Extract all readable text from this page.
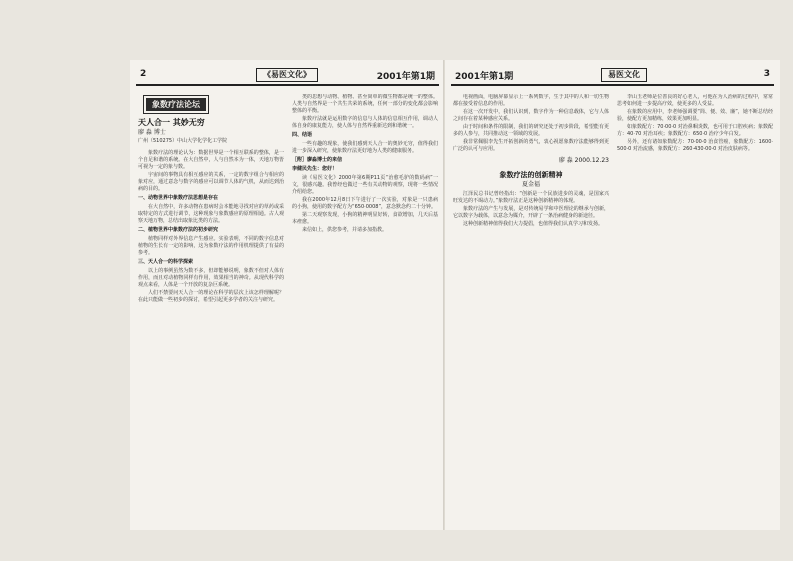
2	《易医文化》	2001年第1期
象数疗法论坛
天人合一 其妙无穷
廖 淼 博士
广州（510275）中山大学化学化工学院

象数疗法的理论认为：数据世界是一个相互联系的整体，是一个自足和谐的系统。在大自然中，人与自然本为一体，天地万物皆可视为一定的象与数。

宇宙间的事物具有相互感应的关系，一定的数字组合与相应的象对应，通过意念与数字的感应可以调节人体的气机，从而达到治病的目的。

一、动物世界中象数疗法思想是存在

在大自然中，许多动物在患病时会本能地寻找对应的草药或采取特定的方式进行调节，这种现象与象数感应的原理相通。古人观察天地万物，总结出取象比类的方法。

二、植物世界中象数疗法的初步研究

植物同样对外界信息产生感应。实验表明，不同的数字信息对植物的生长有一定的影响，这为象数疗法的作用机理提供了有益的参考。

三、天人合一的科学探索

以上的事例虽然为数不多，但却能够说明，象数不但对人体有作用，而且对动植物同样有作用，效果相当的神奇。从现代科学的观点来看，人体是一个开放的复杂巨系统。

人们不禁要问天人合一的理论在科学的层次上该怎样理解呢？在此只能做一些初步的探讨，希望引起更多学者的关注与研究。

类的思想与动物、植物、甚至简单的微生物都是统一的整体。人类与自然界是一个共生共荣的系统，任何一部分的变化都会影响整体的平衡。

象数疗法就是运用数字的信息与人体的信息相互作用，调动人体自身的康复能力，使人体与自然界重新达到和谐统一。

四、结语

一些有趣的现象，使我们感到天人合一的奥妙无穷，值得我们进一步深入研究，使象数疗法更好地为人类的健康服务。

［附］廖淼博士的来信

李健民先生：您好！

读《易医文化》2000年第6期P11页“治愈毛驴的数码病”一文，很感兴趣。我曾经也做过一些有关动物的观察，现将一些情况介绍给您。

我在2000年12月8日下午进行了一次实验，对象是一只患病的小狗，使用的数字配方为“650·0008”，意念默念约二十分钟。

第二天观察发现，小狗的精神明显好转，食欲增加，几天后基本痊愈。

来信如上，供您参考，并请多加指教。

2001年第1期	易医文化	3

电视画面，电脑屏幕显示上一系列数字，生于其中的人和一切生物都在接受着信息的作用。

在这一次开发中，我们认识到，数字作为一种信息载体，它与人体之间存在着某种感应关系。

由于时间和条件的限制，我们的研究还处于初步阶段，希望能有更多的人参与，共同推动这一领域的发展。

我非常佩服李先生开拓创新的勇气，衷心祝愿象数疗法能够得到更广泛的认可与应用。

廖 淼 2000.12.23
象数疗法的创新精神
夏金福

江泽民总书记曾经指出：“创新是一个民族进步的灵魂，是国家兴旺发达的不竭动力。”象数疗法正是这种创新精神的体现。

象数疗法的产生与发展，是对传统易学和中医理论的继承与创新，它以数字为载体，以意念为媒介，开辟了一条治病健身的新途径。

这种创新精神值得我们大力提倡，也值得我们认真学习和发扬。

李山玉老师是位善良的好心老人，可他在为人治病的过程中，常常思考如何进一步提高疗效，使更多的人受益。

在象数的应用中，李老师强调要“简、便、效、廉”，她不断总结经验，使配方更加精练，效果更加明显。

如象数配方：70·00·0 对治鼻咽炎数，也可用于口腔疾病；象数配方：40·70 对治耳疾；象数配方：650·0 治疗少年白发。

另外，还有诸如象数配方：70·00·0 治食管癌，象数配方：1600·500·0 对治流感，象数配方：260·430·00·0 对治皮肤病等。
